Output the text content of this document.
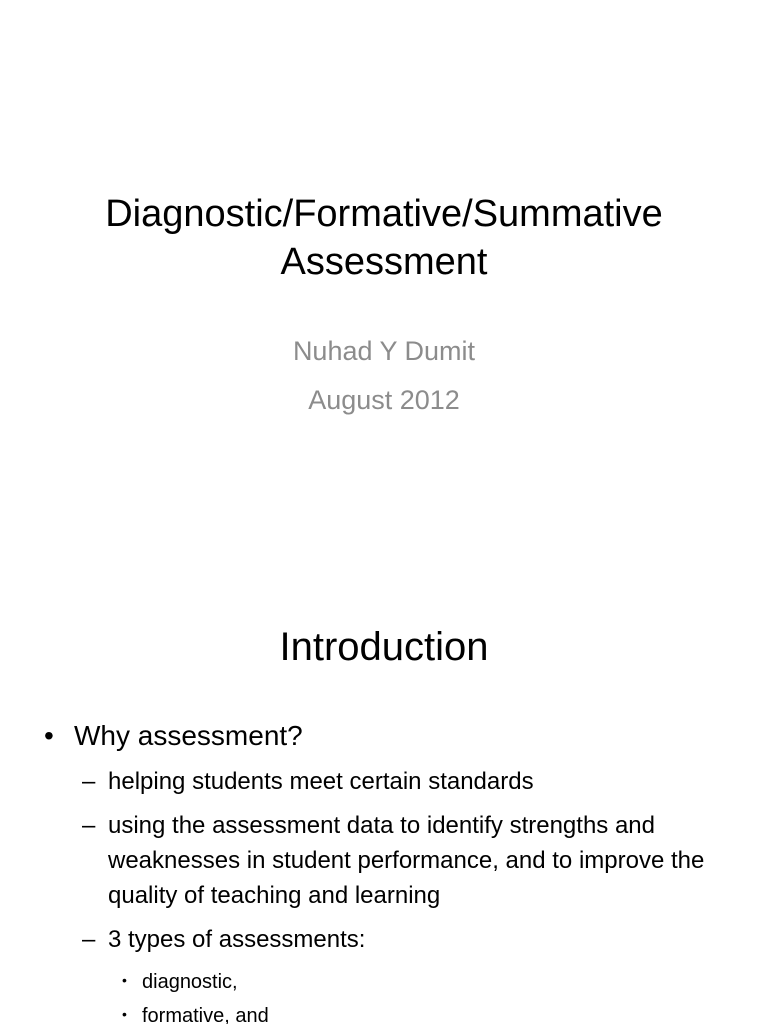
Diagnostic/Formative/Summative
Assessment
Nuhad Y Dumit
August 2012
Introduction
• Why assessment?
– helping students meet certain standards
– using the assessment data to identify strengths and weaknesses in student performance, and to improve the quality of teaching and learning
– 3 types of assessments:
• diagnostic,
• formative, and
